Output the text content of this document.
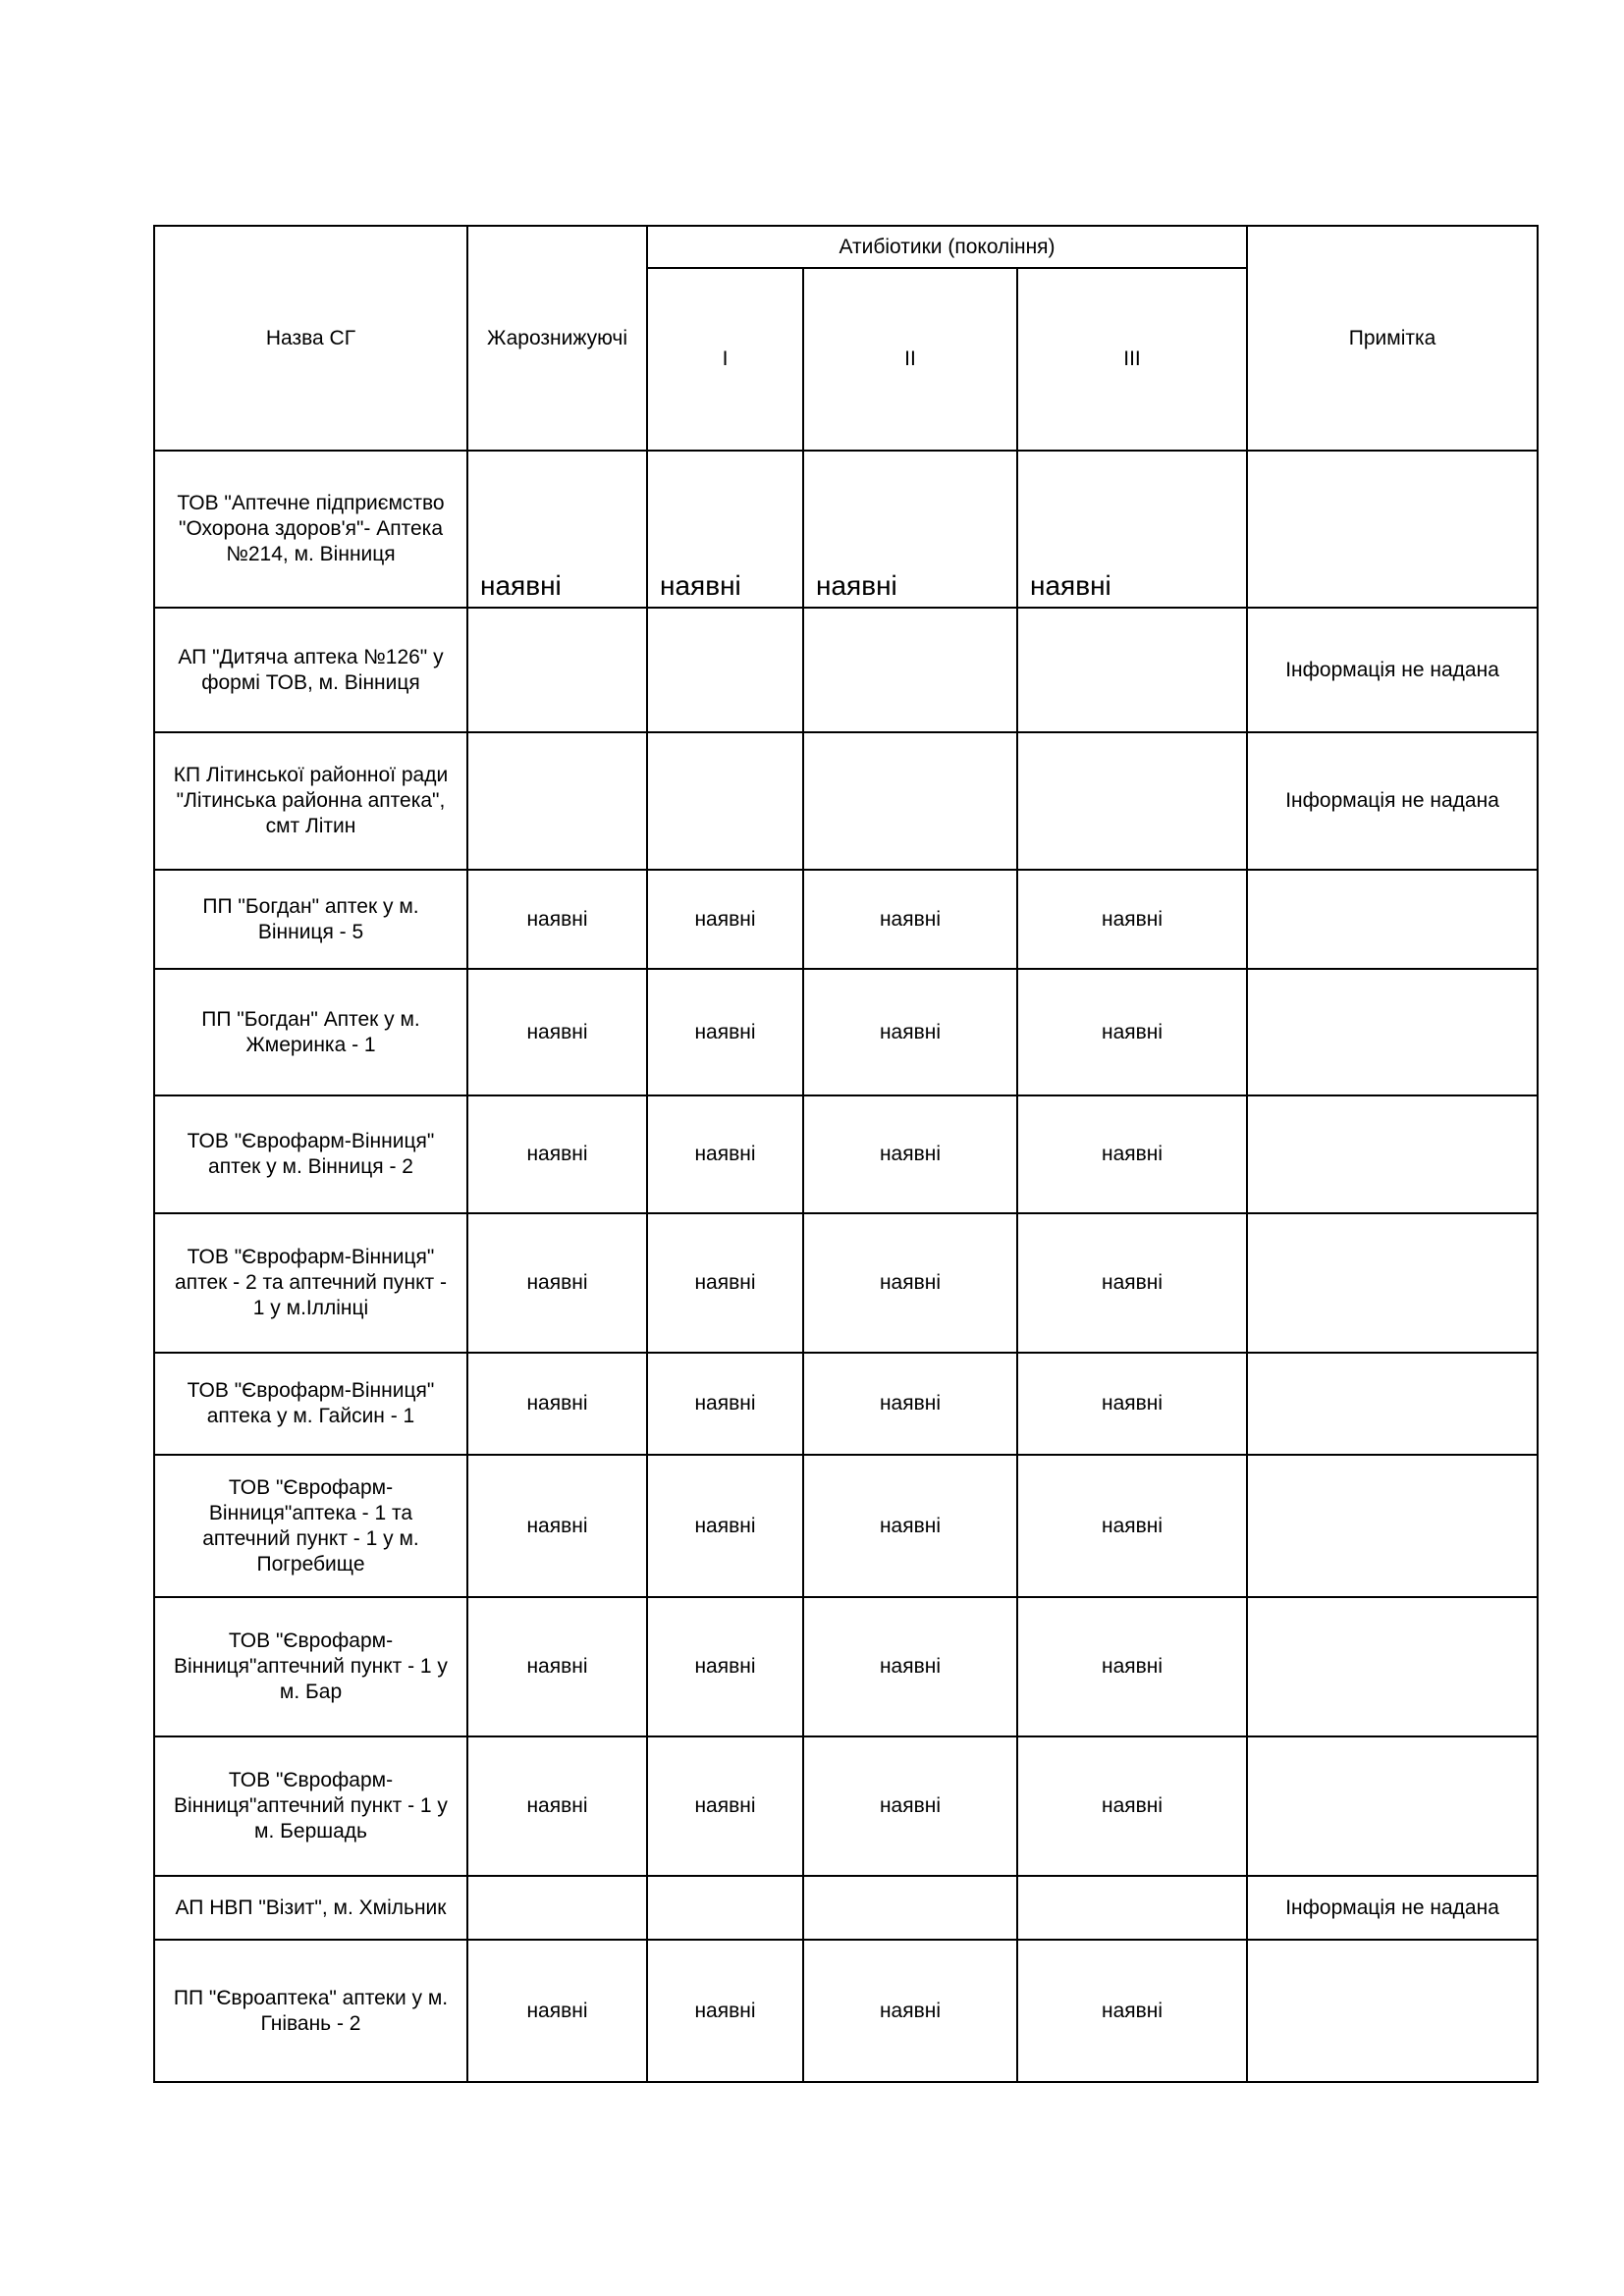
Назва СГ	Жарознижуючі	Атибіотики (покоління)			Примітка
		I	II	III	
ТОВ "Аптечне підприємство "Охорона здоров'я"- Аптека №214, м. Вінниця	наявні	наявні	наявні	наявні	
АП "Дитяча аптека №126" у формі ТОВ, м. Вінниця					Інформація не надана
КП Літинської районної ради "Літинська районна аптека", смт Літин					Інформація не надана
ПП "Богдан" аптек у м. Вінниця - 5	наявні	наявні	наявні	наявні	
ПП "Богдан" Аптек у м. Жмеринка - 1	наявні	наявні	наявні	наявні	
ТОВ "Єврофарм-Вінниця" аптек у м. Вінниця - 2	наявні	наявні	наявні	наявні	
ТОВ "Єврофарм-Вінниця" аптек - 2 та аптечний пункт - 1 у м.Іллінці	наявні	наявні	наявні	наявні	
ТОВ "Єврофарм-Вінниця" аптека у м. Гайсин - 1	наявні	наявні	наявні	наявні	
ТОВ "Єврофарм-Вінниця"аптека - 1 та аптечний пункт - 1 у м. Погребище	наявні	наявні	наявні	наявні	
ТОВ "Єврофарм-Вінниця"аптечний пункт - 1 у м. Бар	наявні	наявні	наявні	наявні	
ТОВ "Єврофарм-Вінниця"аптечний пункт - 1 у м. Бершадь	наявні	наявні	наявні	наявні	
АП НВП "Візит", м. Хмільник					Інформація не надана
ПП "Євроаптека" аптеки у м. Гнівань - 2	наявні	наявні	наявні	наявні	
